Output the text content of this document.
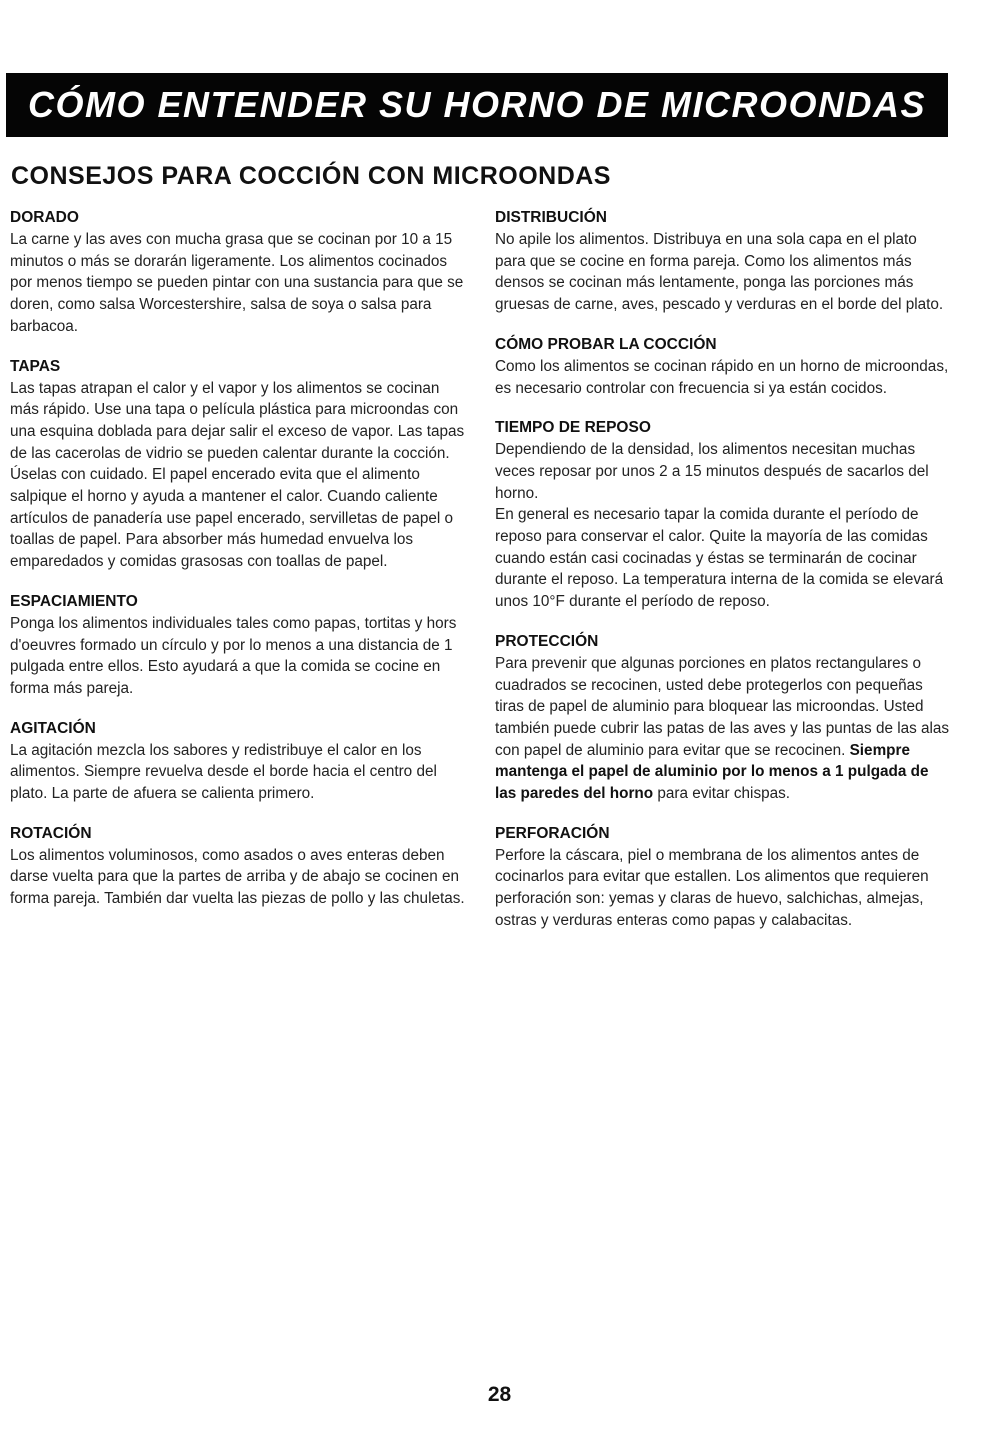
CÓMO ENTENDER SU HORNO DE MICROONDAS
CONSEJOS PARA COCCIÓN CON MICROONDAS

DORADO

La carne y las aves con mucha grasa que se cocinan por 10 a 15 minutos o más se dorarán ligeramente. Los alimentos cocinados por menos tiempo se pueden pintar con una sustancia para que se doren, como salsa Worcestershire, salsa de soya o salsa para barbacoa.

TAPAS

Las tapas atrapan el calor y el vapor y los alimentos se cocinan más rápido. Use una tapa o película plástica para microondas con una esquina doblada para dejar salir el exceso de vapor. Las tapas de las cacerolas de vidrio se pueden calentar durante la cocción. Úselas con cuidado. El papel encerado evita que el alimento salpique el horno y ayuda a mantener el calor. Cuando caliente artículos de panadería use papel encerado, servilletas de papel o toallas de papel. Para absorber más humedad envuelva los emparedados y comidas grasosas con toallas de papel.

ESPACIAMIENTO

Ponga los alimentos individuales tales como papas, tortitas y hors d'oeuvres formado un círculo y por lo menos a una distancia de 1 pulgada entre ellos. Esto ayudará a que la comida se cocine en forma más pareja.

AGITACIÓN

La agitación mezcla los sabores y redistribuye el calor en los alimentos. Siempre revuelva desde el borde hacia el centro del plato. La parte de afuera se calienta primero.

ROTACIÓN

Los alimentos voluminosos, como asados o aves enteras deben darse vuelta para que la partes de arriba y de abajo se cocinen en forma pareja. También dar vuelta las piezas de pollo y las chuletas.

DISTRIBUCIÓN

No apile los alimentos. Distribuya en una sola capa en el plato para que se cocine en forma pareja. Como los alimentos más densos se cocinan más lentamente, ponga las porciones más gruesas de carne, aves, pescado y verduras en el borde del plato.

CÓMO PROBAR LA COCCIÓN

Como los alimentos se cocinan rápido en un horno de microondas, es necesario controlar con frecuencia si ya están cocidos.

TIEMPO DE REPOSO

Dependiendo de la densidad, los alimentos necesitan muchas veces reposar por unos 2 a 15 minutos después de sacarlos del horno.

En general es necesario tapar la comida durante el período de reposo para conservar el calor. Quite la mayoría de las comidas cuando están casi cocinadas y éstas se terminarán de cocinar durante el reposo. La temperatura interna de la comida se elevará unos 10°F durante el período de reposo.

PROTECCIÓN

Para prevenir que algunas porciones en platos rectangulares o cuadrados se recocinen, usted debe protegerlos con pequeñas tiras de papel de aluminio para bloquear las microondas. Usted también puede cubrir las patas de las aves y las puntas de las alas con papel de aluminio para evitar que se recocinen. Siempre mantenga el papel de aluminio por lo menos a 1 pulgada de las paredes del horno para evitar chispas.

PERFORACIÓN

Perfore la cáscara, piel o membrana de los alimentos antes de cocinarlos para evitar que estallen. Los alimentos que requieren perforación son: yemas y claras de huevo, salchichas, almejas, ostras y verduras enteras como papas y calabacitas.

28
